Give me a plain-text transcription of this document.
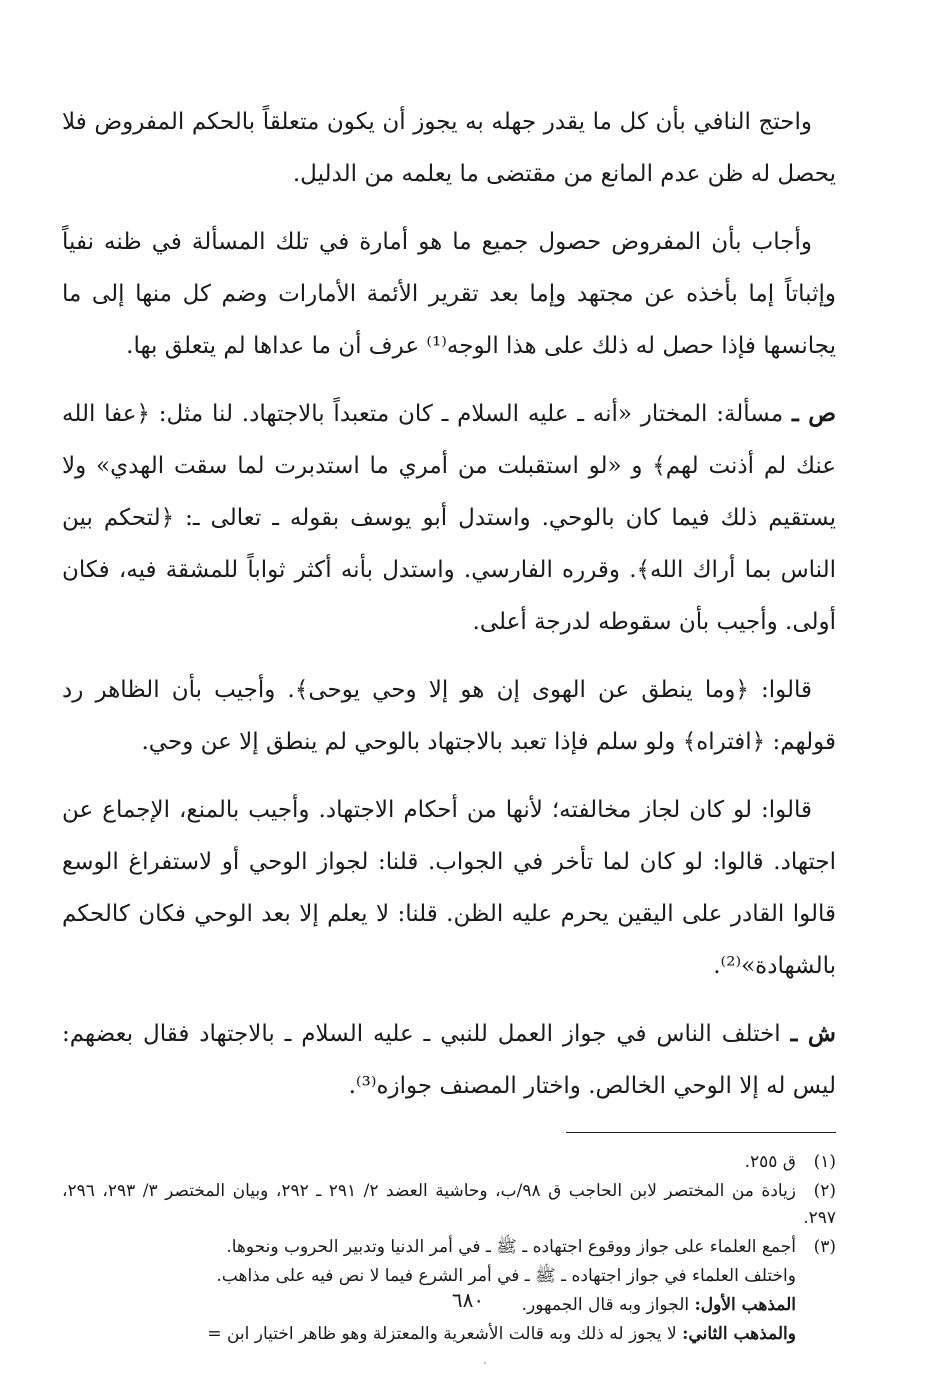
واحتج النافي بأن كل ما يقدر جهله به يجوز أن يكون متعلقاً بالحكم المفروض فلا يحصل له ظن عدم المانع من مقتضى ما يعلمه من الدليل.

وأجاب بأن المفروض حصول جميع ما هو أمارة في تلك المسألة في ظنه نفياً وإثباتاً إما بأخذه عن مجتهد وإما بعد تقرير الأئمة الأمارات وضم كل منها إلى ما يجانسها فإذا حصل له ذلك على هذا الوجه⁽¹⁾ عرف أن ما عداها لم يتعلق بها.

ص ـ مسألة: المختار «أنه ـ عليه السلام ـ كان متعبداً بالاجتهاد. لنا مثل: ﴿عفا الله عنك لم أذنت لهم﴾ و «لو استقبلت من أمري ما استدبرت لما سقت الهدي» ولا يستقيم ذلك فيما كان بالوحي. واستدل أبو يوسف بقوله ـ تعالى ـ: ﴿لتحكم بين الناس بما أراك الله﴾. وقرره الفارسي. واستدل بأنه أكثر ثواباً للمشقة فيه، فكان أولى. وأجيب بأن سقوطه لدرجة أعلى.

قالوا: ﴿وما ينطق عن الهوى إن هو إلا وحي يوحى﴾. وأجيب بأن الظاهر رد قولهم: ﴿افتراه﴾ ولو سلم فإذا تعبد بالاجتهاد بالوحي لم ينطق إلا عن وحي.

قالوا: لو كان لجاز مخالفته؛ لأنها من أحكام الاجتهاد. وأجيب بالمنع، الإجماع عن اجتهاد. قالوا: لو كان لما تأخر في الجواب. قلنا: لجواز الوحي أو لاستفراغ الوسع قالوا القادر على اليقين يحرم عليه الظن. قلنا: لا يعلم إلا بعد الوحي فكان كالحكم بالشهادة»⁽²⁾.

ش ـ اختلف الناس في جواز العمل للنبي ـ عليه السلام ـ بالاجتهاد فقال بعضهم: ليس له إلا الوحي الخالص. واختار المصنف جوازه⁽³⁾.

(١)ق ٢٥٥.

(٢)زيادة من المختصر لابن الحاجب ق ٩٨/ب، وحاشية العضد ٢/ ٢٩١ ـ ٢٩٢، وبيان المختصر ٣/ ٢٩٣، ٢٩٦، ٢٩٧.

(٣)أجمع العلماء على جواز ووقوع اجتهاده ـ ﷺ ـ في أمر الدنيا وتدبير الحروب ونحوها.

واختلف العلماء في جواز اجتهاده ـ ﷺ ـ في أمر الشرع فيما لا نص فيه على مذاهب.

المذهب الأول: الجواز وبه قال الجمهور.

والمذهب الثاني: لا يجوز له ذلك وبه قالت الأشعرية والمعتزلة وهو ظاهر اختيار ابن =

٦٨٠
